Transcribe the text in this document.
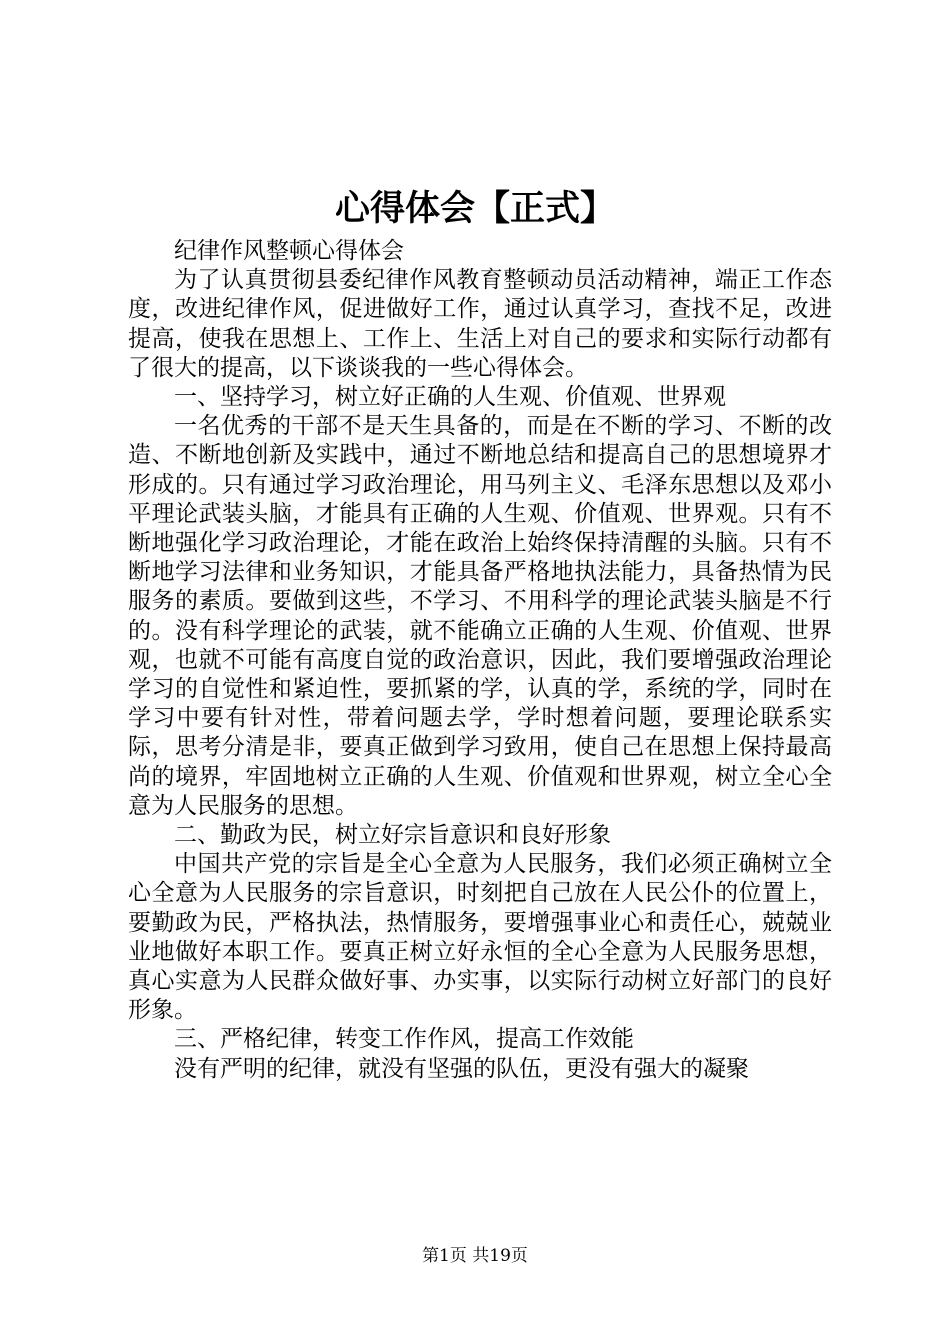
心得体会【正式】

纪律作风整顿心得体会

为了认真贯彻县委纪律作风教育整顿动员活动精神，端正工作态度，改进纪律作风，促进做好工作，通过认真学习，查找不足，改进提高，使我在思想上、工作上、生活上对自己的要求和实际行动都有了很大的提高，以下谈谈我的一些心得体会。

一、坚持学习，树立好正确的人生观、价值观、世界观

一名优秀的干部不是天生具备的，而是在不断的学习、不断的改造、不断地创新及实践中，通过不断地总结和提高自己的思想境界才形成的。只有通过学习政治理论，用马列主义、毛泽东思想以及邓小平理论武装头脑，才能具有正确的人生观、价值观、世界观。只有不断地强化学习政治理论，才能在政治上始终保持清醒的头脑。只有不断地学习法律和业务知识，才能具备严格地执法能力，具备热情为民服务的素质。要做到这些，不学习、不用科学的理论武装头脑是不行的。没有科学理论的武装，就不能确立正确的人生观、价值观、世界观，也就不可能有高度自觉的政治意识，因此，我们要增强政治理论学习的自觉性和紧迫性，要抓紧的学，认真的学，系统的学，同时在学习中要有针对性，带着问题去学，学时想着问题，要理论联系实际，思考分清是非，要真正做到学习致用，使自己在思想上保持最高尚的境界，牢固地树立正确的人生观、价值观和世界观，树立全心全意为人民服务的思想。

二、勤政为民，树立好宗旨意识和良好形象

中国共产党的宗旨是全心全意为人民服务，我们必须正确树立全心全意为人民服务的宗旨意识，时刻把自己放在人民公仆的位置上，要勤政为民，严格执法，热情服务，要增强事业心和责任心，兢兢业业地做好本职工作。要真正树立好永恒的全心全意为人民服务思想，真心实意为人民群众做好事、办实事，以实际行动树立好部门的良好形象。

三、严格纪律，转变工作作风，提高工作效能

没有严明的纪律，就没有坚强的队伍，更没有强大的凝聚

第1页 共19页
